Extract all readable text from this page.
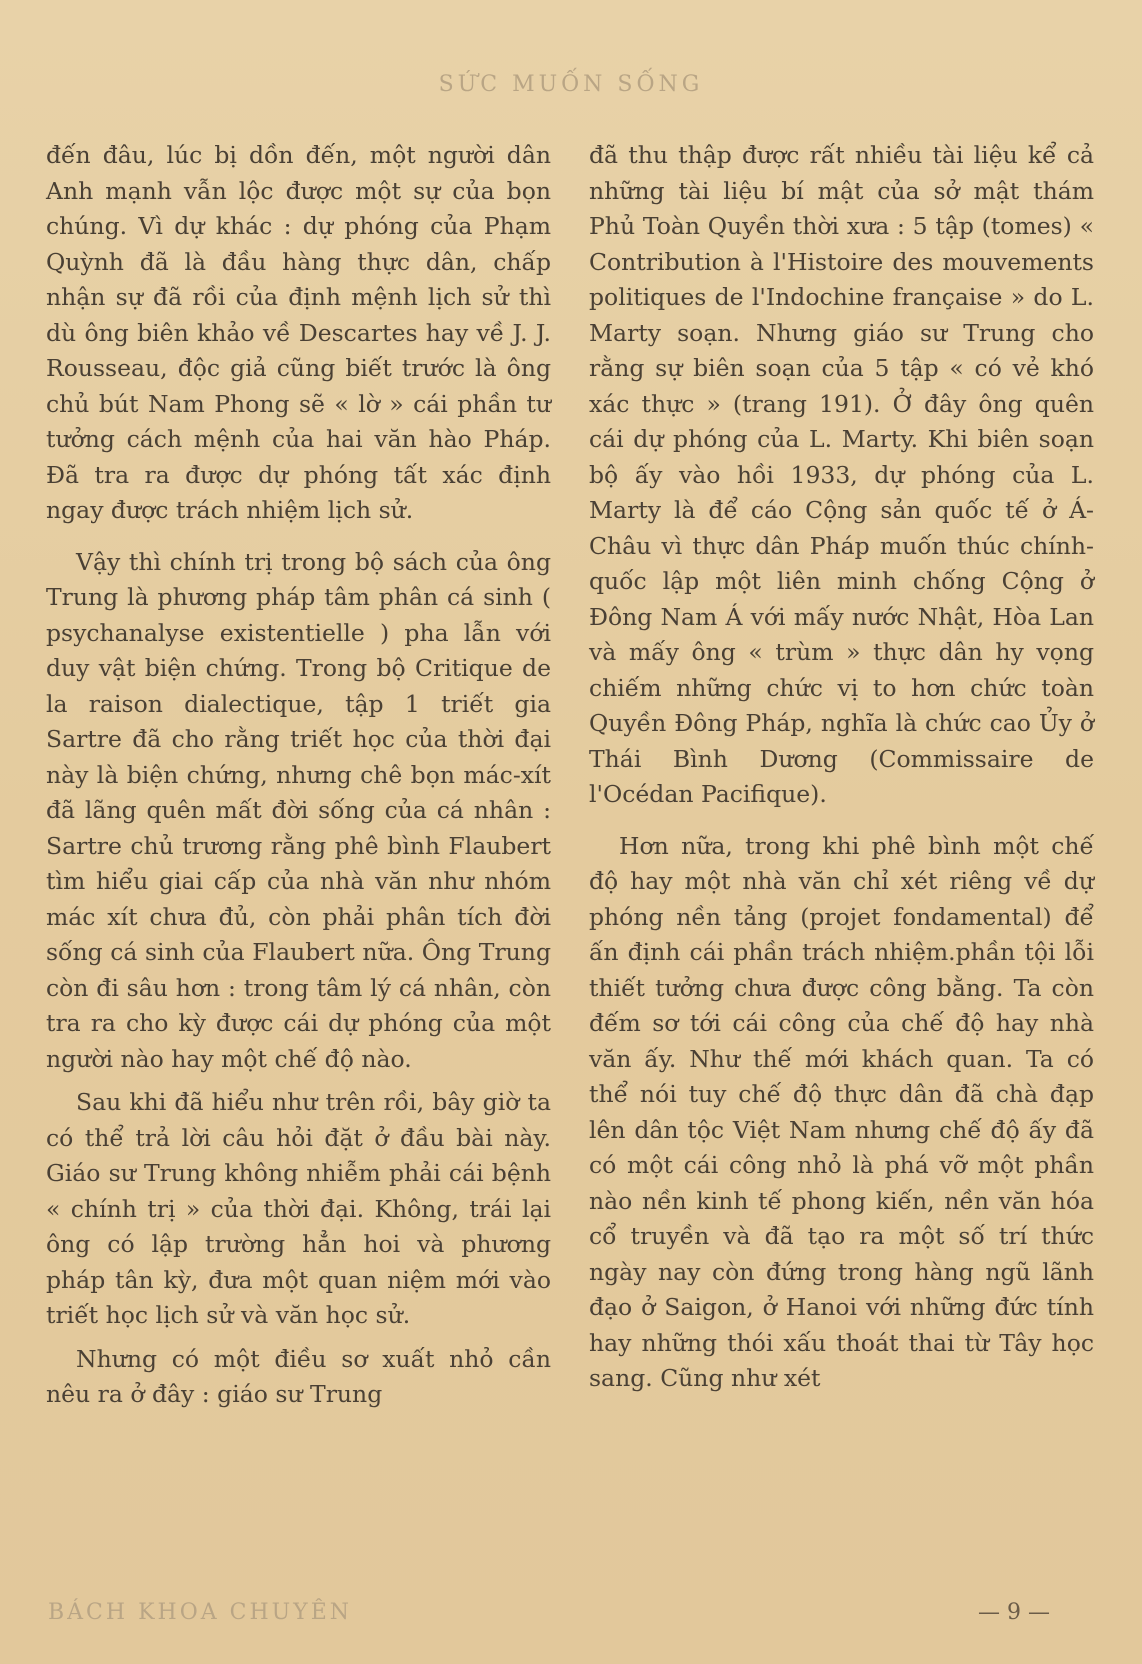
SỨC MUỐN SỐNG

đến đâu, lúc bị dồn đến, một người dân Anh mạnh vẫn lộc được một sự của bọn chúng. Vì dự khác : dự phóng của Phạm Quỳnh đã là đầu hàng thực dân, chấp nhận sự đã rồi của định mệnh lịch sử thì dù ông biên khảo về Descartes hay về J. J. Rousseau, độc giả cũng biết trước là ông chủ bút Nam Phong sẽ « lờ » cái phần tư tưởng cách mệnh của hai văn hào Pháp. Đã tra ra được dự phóng tất xác định ngay được trách nhiệm lịch sử.

Vậy thì chính trị trong bộ sách của ông Trung là phương pháp tâm phân cá sinh ( psychanalyse existentielle ) pha lẫn với duy vật biện chứng. Trong bộ Critique de la raison dialectique, tập 1 triết gia Sartre đã cho rằng triết học của thời đại này là biện chứng, nhưng chê bọn mác-xít đã lãng quên mất đời sống của cá nhân : Sartre chủ trương rằng phê bình Flaubert tìm hiểu giai cấp của nhà văn như nhóm mác xít chưa đủ, còn phải phân tích đời sống cá sinh của Flaubert nữa. Ông Trung còn đi sâu hơn : trong tâm lý cá nhân, còn tra ra cho kỳ được cái dự phóng của một người nào hay một chế độ nào.

Sau khi đã hiểu như trên rồi, bây giờ ta có thể trả lời câu hỏi đặt ở đầu bài này. Giáo sư Trung không nhiễm phải cái bệnh « chính trị » của thời đại. Không, trái lại ông có lập trường hẳn hoi và phương pháp tân kỳ, đưa một quan niệm mới vào triết học lịch sử và văn học sử.

Nhưng có một điều sơ xuất nhỏ cần nêu ra ở đây : giáo sư Trung

đã thu thập được rất nhiều tài liệu kể cả những tài liệu bí mật của sở mật thám Phủ Toàn Quyền thời xưa : 5 tập (tomes) « Contribution à l'Histoire des mouvements politiques de l'Indochine française » do L. Marty soạn. Nhưng giáo sư Trung cho rằng sự biên soạn của 5 tập « có vẻ khó xác thực » (trang 191). Ở đây ông quên cái dự phóng của L. Marty. Khi biên soạn bộ ấy vào hồi 1933, dự phóng của L. Marty là để cáo Cộng sản quốc tế ở Á-Châu vì thực dân Pháp muốn thúc chính-quốc lập một liên minh chống Cộng ở Đông Nam Á với mấy nước Nhật, Hòa Lan và mấy ông « trùm » thực dân hy vọng chiếm những chức vị to hơn chức toàn Quyền Đông Pháp, nghĩa là chức cao Ủy ở Thái Bình Dương (Commissaire de l'Océdan Pacifique).

Hơn nữa, trong khi phê bình một chế độ hay một nhà văn chỉ xét riêng về dự phóng nền tảng (projet fondamental) để ấn định cái phần trách nhiệm.phần tội lỗi thiết tưởng chưa được công bằng. Ta còn đếm sơ tới cái công của chế độ hay nhà văn ấy. Như thế mới khách quan. Ta có thể nói tuy chế độ thực dân đã chà đạp lên dân tộc Việt Nam nhưng chế độ ấy đã có một cái công nhỏ là phá vỡ một phần nào nền kinh tế phong kiến, nền văn hóa cổ truyền và đã tạo ra một số trí thức ngày nay còn đứng trong hàng ngũ lãnh đạo ở Saigon, ở Hanoi với những đức tính hay những thói xấu thoát thai từ Tây học sang. Cũng như xét

BÁCH KHOA CHUYÊN	— 9 —
